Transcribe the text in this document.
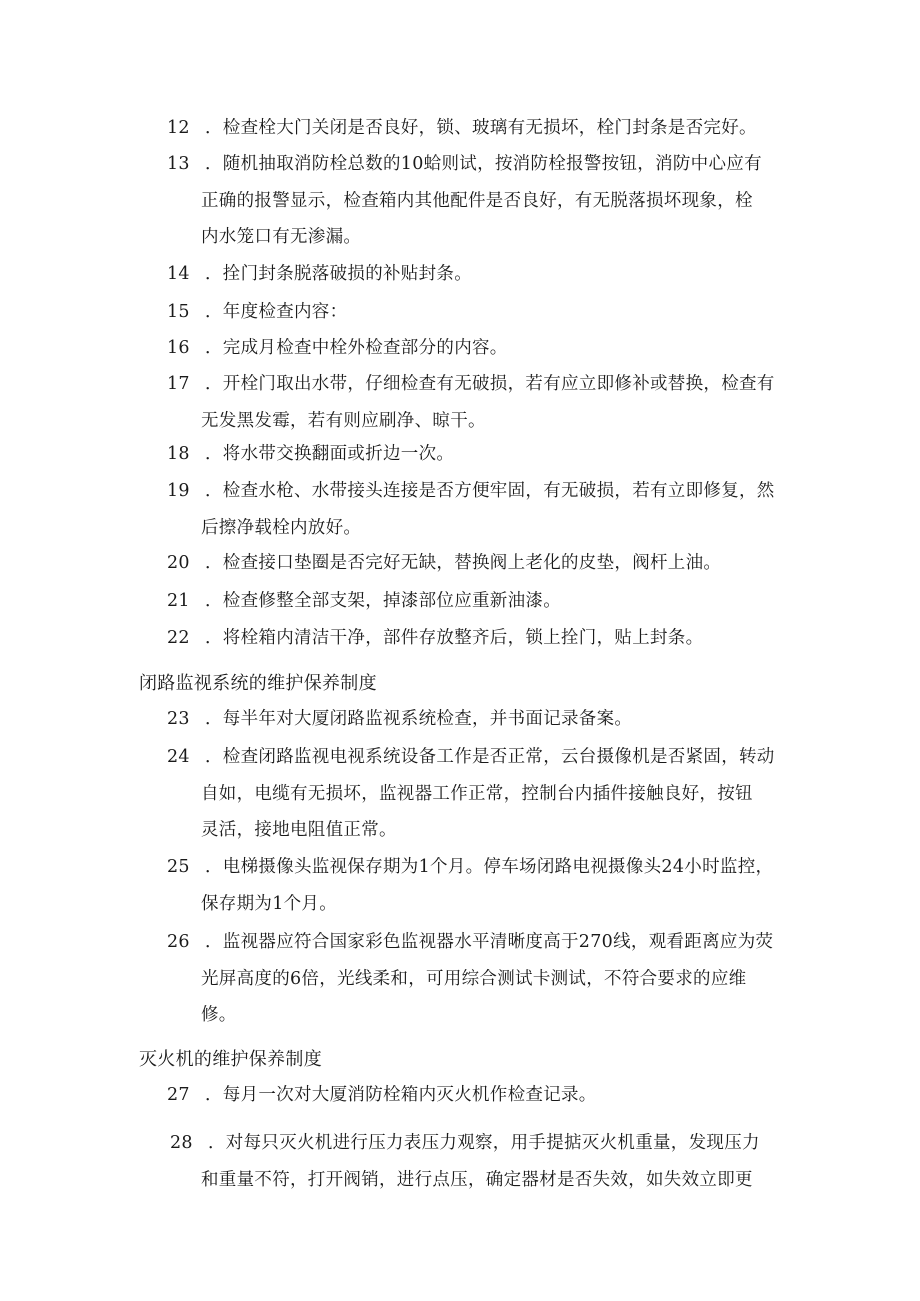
12 ．检查栓大门关闭是否良好，锁、玻璃有无损坏，栓门封条是否完好。
13 ．随机抽取消防栓总数的10蛤则试，按消防栓报警按钮，消防中心应有
正确的报警显示，检查箱内其他配件是否良好，有无脱落损坏现象，栓
内水笼口有无渗漏。
14 ．拴门封条脱落破损的补贴封条。
15 ．年度检查内容：
16 ．完成月检查中栓外检查部分的内容。
17 ．开栓门取出水带，仔细检查有无破损，若有应立即修补或替换，检查有
无发黑发霉，若有则应刷净、晾干。
18 ．将水带交换翻面或折边一次。
19 ．检查水枪、水带接头连接是否方便牢固，有无破损，若有立即修复，然
后擦净载栓内放好。
20 ．检查接口垫圈是否完好无缺，替换阀上老化的皮垫，阀杆上油。
21 ．检查修整全部支架，掉漆部位应重新油漆。
22 ．将栓箱内清洁干净，部件存放整齐后，锁上拴门，贴上封条。
闭路监视系统的维护保养制度
23 ．每半年对大厦闭路监视系统检查，并书面记录备案。
24 ．检查闭路监视电视系统设备工作是否正常，云台摄像机是否紧固，转动
自如，电缆有无损坏，监视器工作正常，控制台内插件接触良好，按钮
灵活，接地电阻值正常。
25 ．电梯摄像头监视保存期为1个月。停车场闭路电视摄像头24小时监控，
保存期为1个月。
26 ．监视器应符合国家彩色监视器水平清晰度高于270线，观看距离应为荧
光屏高度的6倍，光线柔和，可用综合测试卡测试，不符合要求的应维
修。
灭火机的维护保养制度
27 ．每月一次对大厦消防栓箱内灭火机作检查记录。
28 ．对每只灭火机进行压力表压力观察，用手提掂灭火机重量，发现压力
和重量不符，打开阀销，进行点压，确定器材是否失效，如失效立即更
